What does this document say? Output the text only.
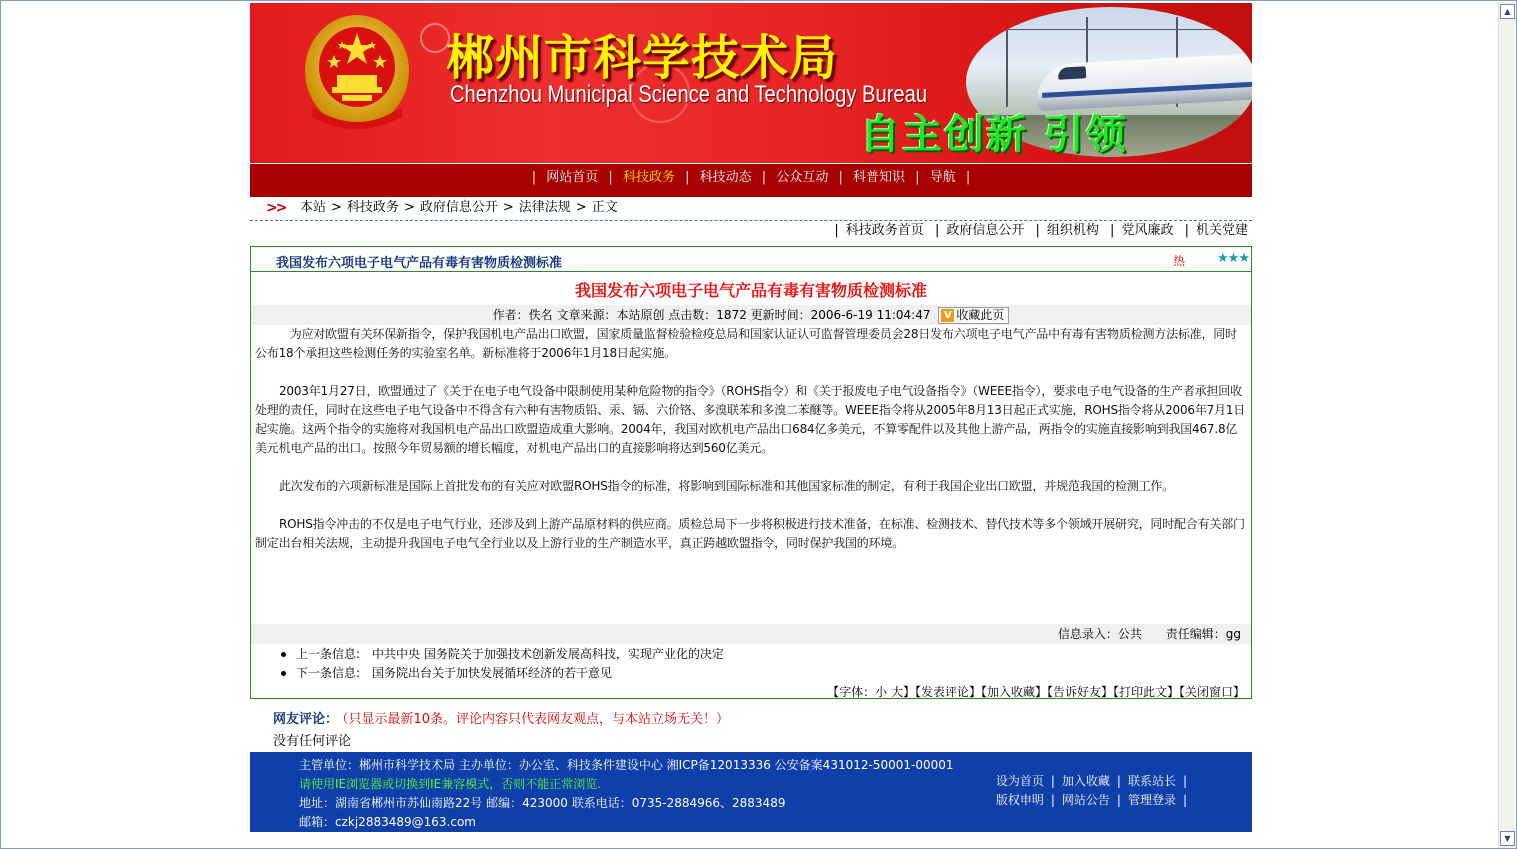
▲
▼
郴州市科学技术局
Chenzhou Municipal Science and Technology Bureau
自主创新 引领
| 网站首页 | 科技政务 | 科技动态 | 公众互动 | 科普知识 | 导航 |
>> 本站 > 科技政务 > 政府信息公开 > 法律法规 > 正文
| 科技政务首页 | 政府信息公开 | 组织机构 | 党风廉政 | 机关党建
我国发布六项电子电气产品有毒有害物质检测标准	热 ★★★
我国发布六项电子电气产品有毒有害物质检测标准
作者：佚名 文章来源：本站原创 点击数：1872 更新时间：2006-6-19 11:04:47 V 收藏此页

为应对欧盟有关环保新指令，保护我国机电产品出口欧盟，国家质量监督检验检疫总局和国家认证认可监督管理委员会28日发布六项电子电气产品中有毒有害物质检测方法标准，同时公布18个承担这些检测任务的实验室名单。新标准将于2006年1月18日起实施。

2003年1月27日，欧盟通过了《关于在电子电气设备中限制使用某种危险物的指令》（ROHS指令）和《关于报废电子电气设备指令》（WEEE指令），要求电子电气设备的生产者承担回收处理的责任，同时在这些电子电气设备中不得含有六种有害物质铅、汞、镉、六价铬、多溴联苯和多溴二苯醚等。WEEE指令将从2005年8月13日起正式实施，ROHS指令将从2006年7月1日起实施。这两个指令的实施将对我国机电产品出口欧盟造成重大影响。2004年，我国对欧机电产品出口684亿多美元，不算零配件以及其他上游产品，两指令的实施直接影响到我国467.8亿美元机电产品的出口。按照今年贸易额的增长幅度，对机电产品出口的直接影响将达到560亿美元。

此次发布的六项新标准是国际上首批发布的有关应对欧盟ROHS指令的标准，将影响到国际标准和其他国家标准的制定，有利于我国企业出口欧盟，并规范我国的检测工作。

ROHS指令冲击的不仅是电子电气行业，还涉及到上游产品原材料的供应商。质检总局下一步将积极进行技术准备，在标准、检测技术、替代技术等多个领域开展研究，同时配合有关部门制定出台相关法规，主动提升我国电子电气全行业以及上游行业的生产制造水平，真正跨越欧盟指令，同时保护我国的环境。

信息录入：公共 责任编辑：gg
上一条信息: 中共中央 国务院关于加强技术创新发展高科技，实现产业化的决定
下一条信息: 国务院出台关于加快发展循环经济的若干意见
【字体：小 大】【发表评论】【加入收藏】【告诉好友】【打印此文】【关闭窗口】
网友评论： （只显示最新10条。评论内容只代表网友观点，与本站立场无关！）
没有任何评论
主管单位：郴州市科学技术局 主办单位：办公室、科技条件建设中心 湘ICP备12013336 公安备案431012-50001-00001
请使用IE浏览器或切换到IE兼容模式，否则不能正常浏览.
地址：湖南省郴州市苏仙南路22号 邮编：423000 联系电话：0735-2884966、2883489
邮箱：czkj2883489@163.com
设为首页 | 加入收藏 | 联系站长 |
版权申明 | 网站公告 | 管理登录 |
